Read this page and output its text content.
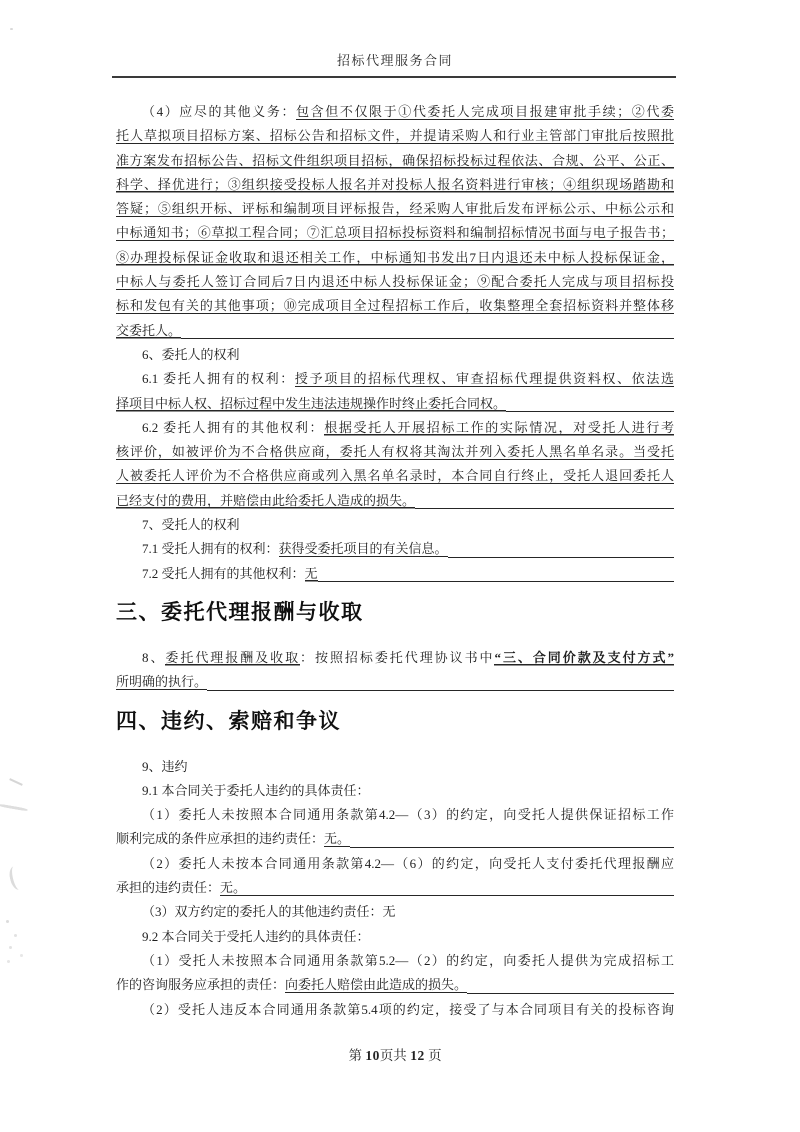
招标代理服务合同
（4）应尽的其他义务：包含但不仅限于①代委托人完成项目报建审批手续；②代委
托人草拟项目招标方案、招标公告和招标文件，并提请采购人和行业主管部门审批后按照批
准方案发布招标公告、招标文件组织项目招标，确保招标投标过程依法、合规、公平、公正、
科学、择优进行；③组织接受投标人报名并对投标人报名资料进行审核；④组织现场踏勘和
答疑；⑤组织开标、评标和编制项目评标报告，经采购人审批后发布评标公示、中标公示和
中标通知书；⑥草拟工程合同；⑦汇总项目招标投标资料和编制招标情况书面与电子报告书；
⑧办理投标保证金收取和退还相关工作，中标通知书发出7日内退还未中标人投标保证金，
中标人与委托人签订合同后7日内退还中标人投标保证金；⑨配合委托人完成与项目招标投
标和发包有关的其他事项；⑩完成项目全过程招标工作后，收集整理全套招标资料并整体移
交委托人。
6、委托人的权利
6.1 委托人拥有的权利：授予项目的招标代理权、审查招标代理提供资料权、依法选
择项目中标人权、招标过程中发生违法违规操作时终止委托合同权。
6.2 委托人拥有的其他权利：根据受托人开展招标工作的实际情况，对受托人进行考
核评价，如被评价为不合格供应商，委托人有权将其淘汰并列入委托人黑名单名录。当受托
人被委托人评价为不合格供应商或列入黑名单名录时，本合同自行终止，受托人退回委托人
已经支付的费用，并赔偿由此给委托人造成的损失。
7、受托人的权利
7.1 受托人拥有的权利：获得受委托项目的有关信息。
7.2 受托人拥有的其他权利：无
三、委托代理报酬与收取
8、委托代理报酬及收取：按照招标委托代理协议书中“三、合同价款及支付方式”
所明确的执行。
四、违约、索赔和争议
9、违约
9.1 本合同关于委托人违约的具体责任：
（1）委托人未按照本合同通用条款第4.2—（3）的约定，向受托人提供保证招标工作
顺利完成的条件应承担的违约责任：无。
（2）委托人未按本合同通用条款第4.2—（6）的约定，向受托人支付委托代理报酬应
承担的违约责任：无。
（3）双方约定的委托人的其他违约责任：无
9.2 本合同关于受托人违约的具体责任：
（1）受托人未按照本合同通用条款第5.2—（2）的约定，向委托人提供为完成招标工
作的咨询服务应承担的责任：向委托人赔偿由此造成的损失。
（2）受托人违反本合同通用条款第5.4项的约定，接受了与本合同项目有关的投标咨询
第 10页共 12 页
